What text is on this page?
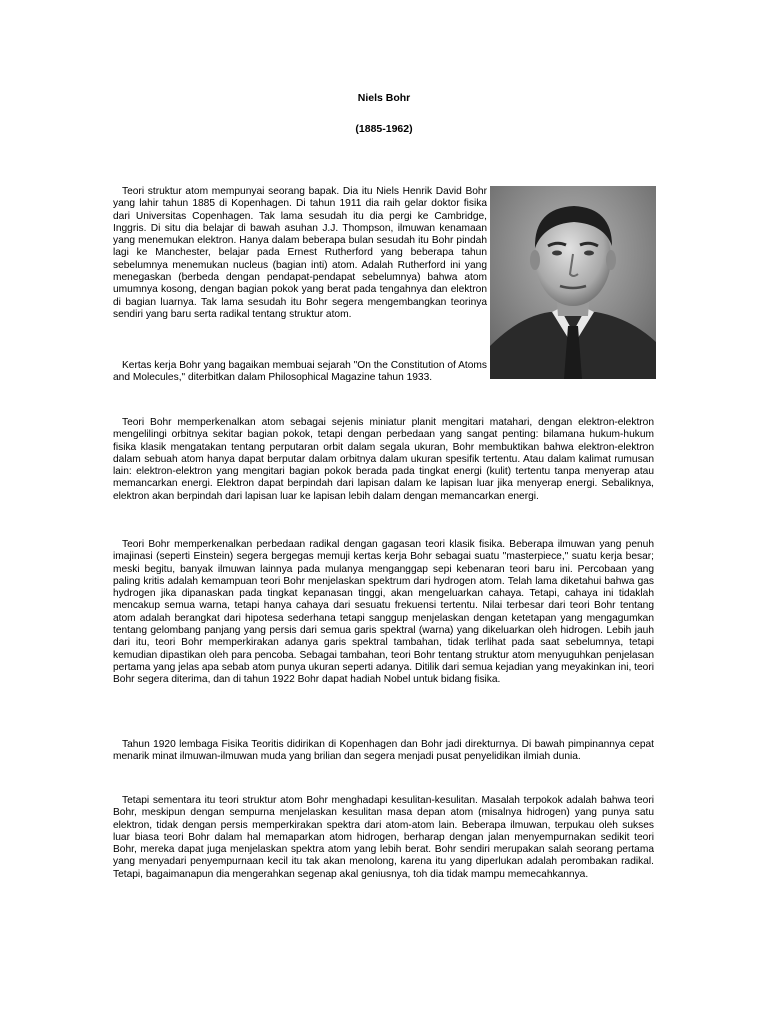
Niels Bohr
(1885-1962)

Teori struktur atom mempunyai seorang bapak. Dia itu Niels Henrik David Bohr yang lahir tahun 1885 di Kopenhagen. Di tahun 1911 dia raih gelar doktor fisika dari Universitas Copenhagen. Tak lama sesudah itu dia pergi ke Cambridge, Inggris. Di situ dia belajar di bawah asuhan J.J. Thompson, ilmuwan kenamaan yang menemukan elektron. Hanya dalam beberapa bulan sesudah itu Bohr pindah lagi ke Manchester, belajar pada Ernest Rutherford yang beberapa tahun sebelumnya menemukan nucleus (bagian inti) atom. Adalah Rutherford ini yang menegaskan (berbeda dengan pendapat-pendapat sebelumnya) bahwa atom umumnya kosong, dengan bagian pokok yang berat pada tengahnya dan elektron di bagian luarnya. Tak lama sesudah itu Bohr segera mengembangkan teorinya sendiri yang baru serta radikal tentang struktur atom.

Kertas kerja Bohr yang bagaikan membuai sejarah "On the Constitution of Atoms and Molecules," diterbitkan dalam Philosophical Magazine tahun 1933.

Teori Bohr memperkenalkan atom sebagai sejenis miniatur planit mengitari matahari, dengan elektron-elektron mengelilingi orbitnya sekitar bagian pokok, tetapi dengan perbedaan yang sangat penting: bilamana hukum-hukum fisika klasik mengatakan tentang perputaran orbit dalam segala ukuran, Bohr membuktikan bahwa elektron-elektron dalam sebuah atom hanya dapat berputar dalam orbitnya dalam ukuran spesifik tertentu. Atau dalam kalimat rumusan lain: elektron-elektron yang mengitari bagian pokok berada pada tingkat energi (kulit) tertentu tanpa menyerap atau memancarkan energi. Elektron dapat berpindah dari lapisan dalam ke lapisan luar jika menyerap energi. Sebaliknya, elektron akan berpindah dari lapisan luar ke lapisan lebih dalam dengan memancarkan energi.

Teori Bohr memperkenalkan perbedaan radikal dengan gagasan teori klasik fisika. Beberapa ilmuwan yang penuh imajinasi (seperti Einstein) segera bergegas memuji kertas kerja Bohr sebagai suatu "masterpiece," suatu kerja besar; meski begitu, banyak ilmuwan lainnya pada mulanya menganggap sepi kebenaran teori baru ini. Percobaan yang paling kritis adalah kemampuan teori Bohr menjelaskan spektrum dari hydrogen atom. Telah lama diketahui bahwa gas hydrogen jika dipanaskan pada tingkat kepanasan tinggi, akan mengeluarkan cahaya. Tetapi, cahaya ini tidaklah mencakup semua warna, tetapi hanya cahaya dari sesuatu frekuensi tertentu. Nilai terbesar dari teori Bohr tentang atom adalah berangkat dari hipotesa sederhana tetapi sanggup menjelaskan dengan ketetapan yang mengagumkan tentang gelombang panjang yang persis dari semua garis spektral (warna) yang dikeluarkan oleh hidrogen. Lebih jauh dari itu, teori Bohr memperkirakan adanya garis spektral tambahan, tidak terlihat pada saat sebelumnya, tetapi kemudian dipastikan oleh para pencoba. Sebagai tambahan, teori Bohr tentang struktur atom menyuguhkan penjelasan pertama yang jelas apa sebab atom punya ukuran seperti adanya. Ditilik dari semua kejadian yang meyakinkan ini, teori Bohr segera diterima, dan di tahun 1922 Bohr dapat hadiah Nobel untuk bidang fisika.

Tahun 1920 lembaga Fisika Teoritis didirikan di Kopenhagen dan Bohr jadi direkturnya. Di bawah pimpinannya cepat menarik minat ilmuwan-ilmuwan muda yang brilian dan segera menjadi pusat penyelidikan ilmiah dunia.

Tetapi sementara itu teori struktur atom Bohr menghadapi kesulitan-kesulitan. Masalah terpokok adalah bahwa teori Bohr, meskipun dengan sempurna menjelaskan kesulitan masa depan atom (misalnya hidrogen) yang punya satu elektron, tidak dengan persis memperkirakan spektra dari atom-atom lain. Beberapa ilmuwan, terpukau oleh sukses luar biasa teori Bohr dalam hal memaparkan atom hidrogen, berharap dengan jalan menyempurnakan sedikit teori Bohr, mereka dapat juga menjelaskan spektra atom yang lebih berat. Bohr sendiri merupakan salah seorang pertama yang menyadari penyempurnaan kecil itu tak akan menolong, karena itu yang diperlukan adalah perombakan radikal. Tetapi, bagaimanapun dia mengerahkan segenap akal geniusnya, toh dia tidak mampu memecahkannya.
